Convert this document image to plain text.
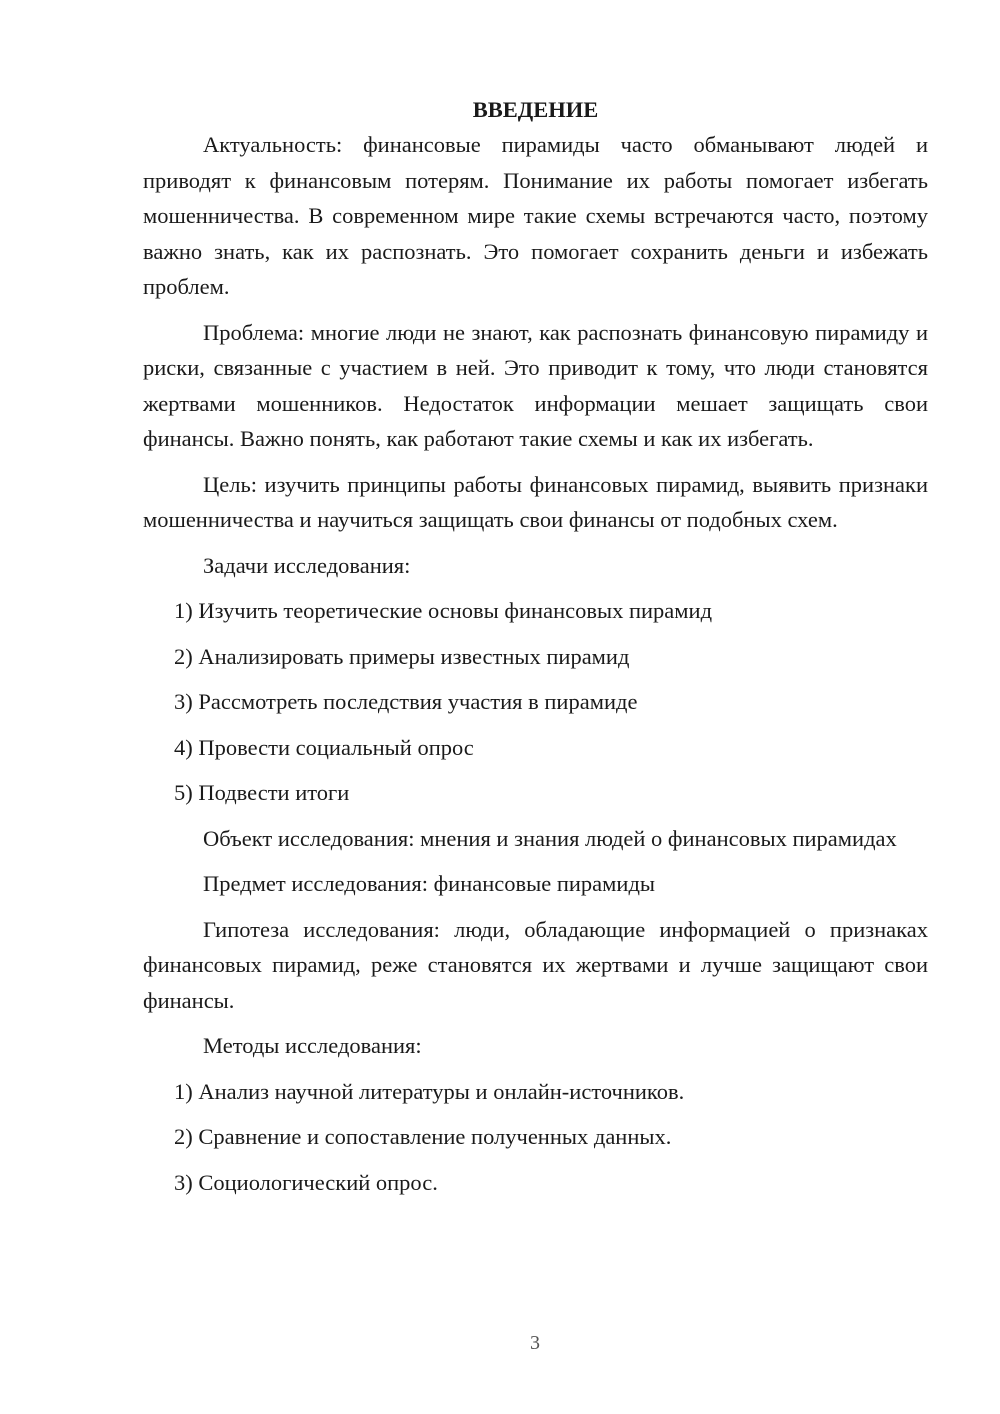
ВВЕДЕНИЕ

Актуальность: финансовые пирамиды часто обманывают людей и приводят к финансовым потерям. Понимание их работы помогает избегать мошенничества. В современном мире такие схемы встречаются часто, поэтому важно знать, как их распознать. Это помогает сохранить деньги и избежать проблем.

Проблема: многие люди не знают, как распознать финансовую пирамиду и риски, связанные с участием в ней. Это приводит к тому, что люди становятся жертвами мошенников. Недостаток информации мешает защищать свои финансы. Важно понять, как работают такие схемы и как их избегать.

Цель: изучить принципы работы финансовых пирамид, выявить признаки мошенничества и научиться защищать свои финансы от подобных схем.

Задачи исследования:

1) Изучить теоретические основы финансовых пирамид

2) Анализировать примеры известных пирамид

3) Рассмотреть последствия участия в пирамиде

4) Провести социальный опрос

5) Подвести итоги

Объект исследования: мнения и знания людей о финансовых пирамидах

Предмет исследования: финансовые пирамиды

Гипотеза исследования: люди, обладающие информацией о признаках финансовых пирамид, реже становятся их жертвами и лучше защищают свои финансы.

Методы исследования:

1) Анализ научной литературы и онлайн-источников.

2) Сравнение и сопоставление полученных данных.

3) Социологический опрос.

3
